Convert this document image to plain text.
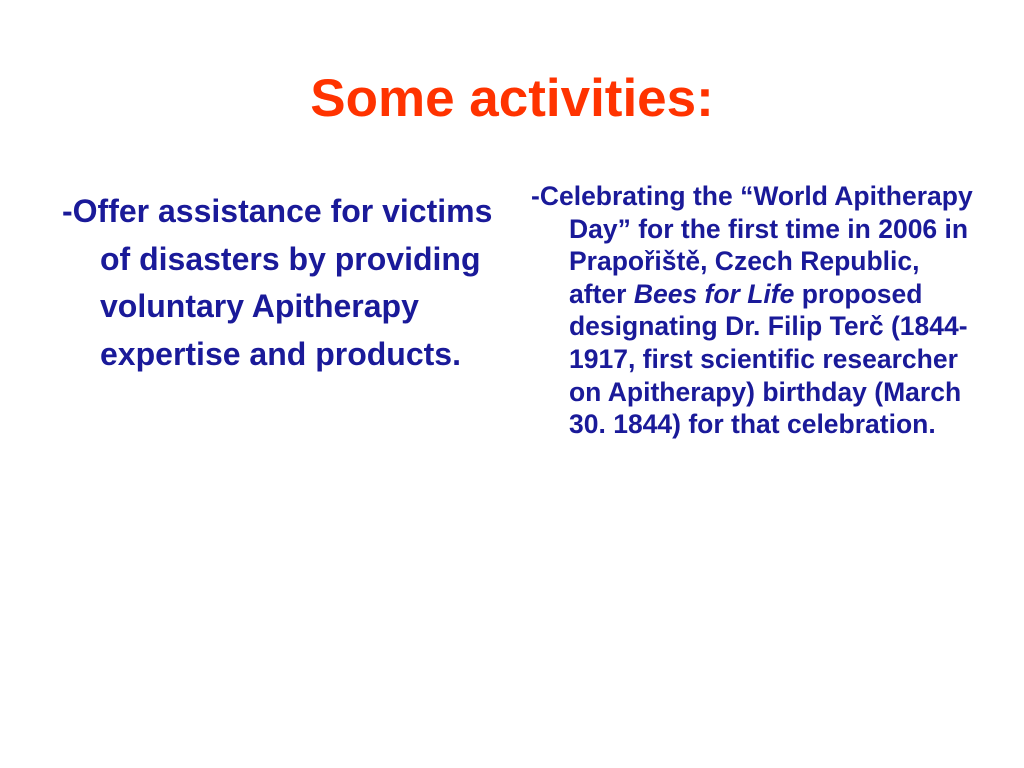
Some activities:

-Offer assistance for victims of disasters by providing voluntary Apitherapy expertise and products.

-Celebrating the “World Apitherapy Day” for the first time in 2006 in Prapořiště, Czech Republic, after Bees for Life proposed designating Dr. Filip Terč (1844-1917, first scientific researcher on Apitherapy) birthday (March 30. 1844) for that celebration.
